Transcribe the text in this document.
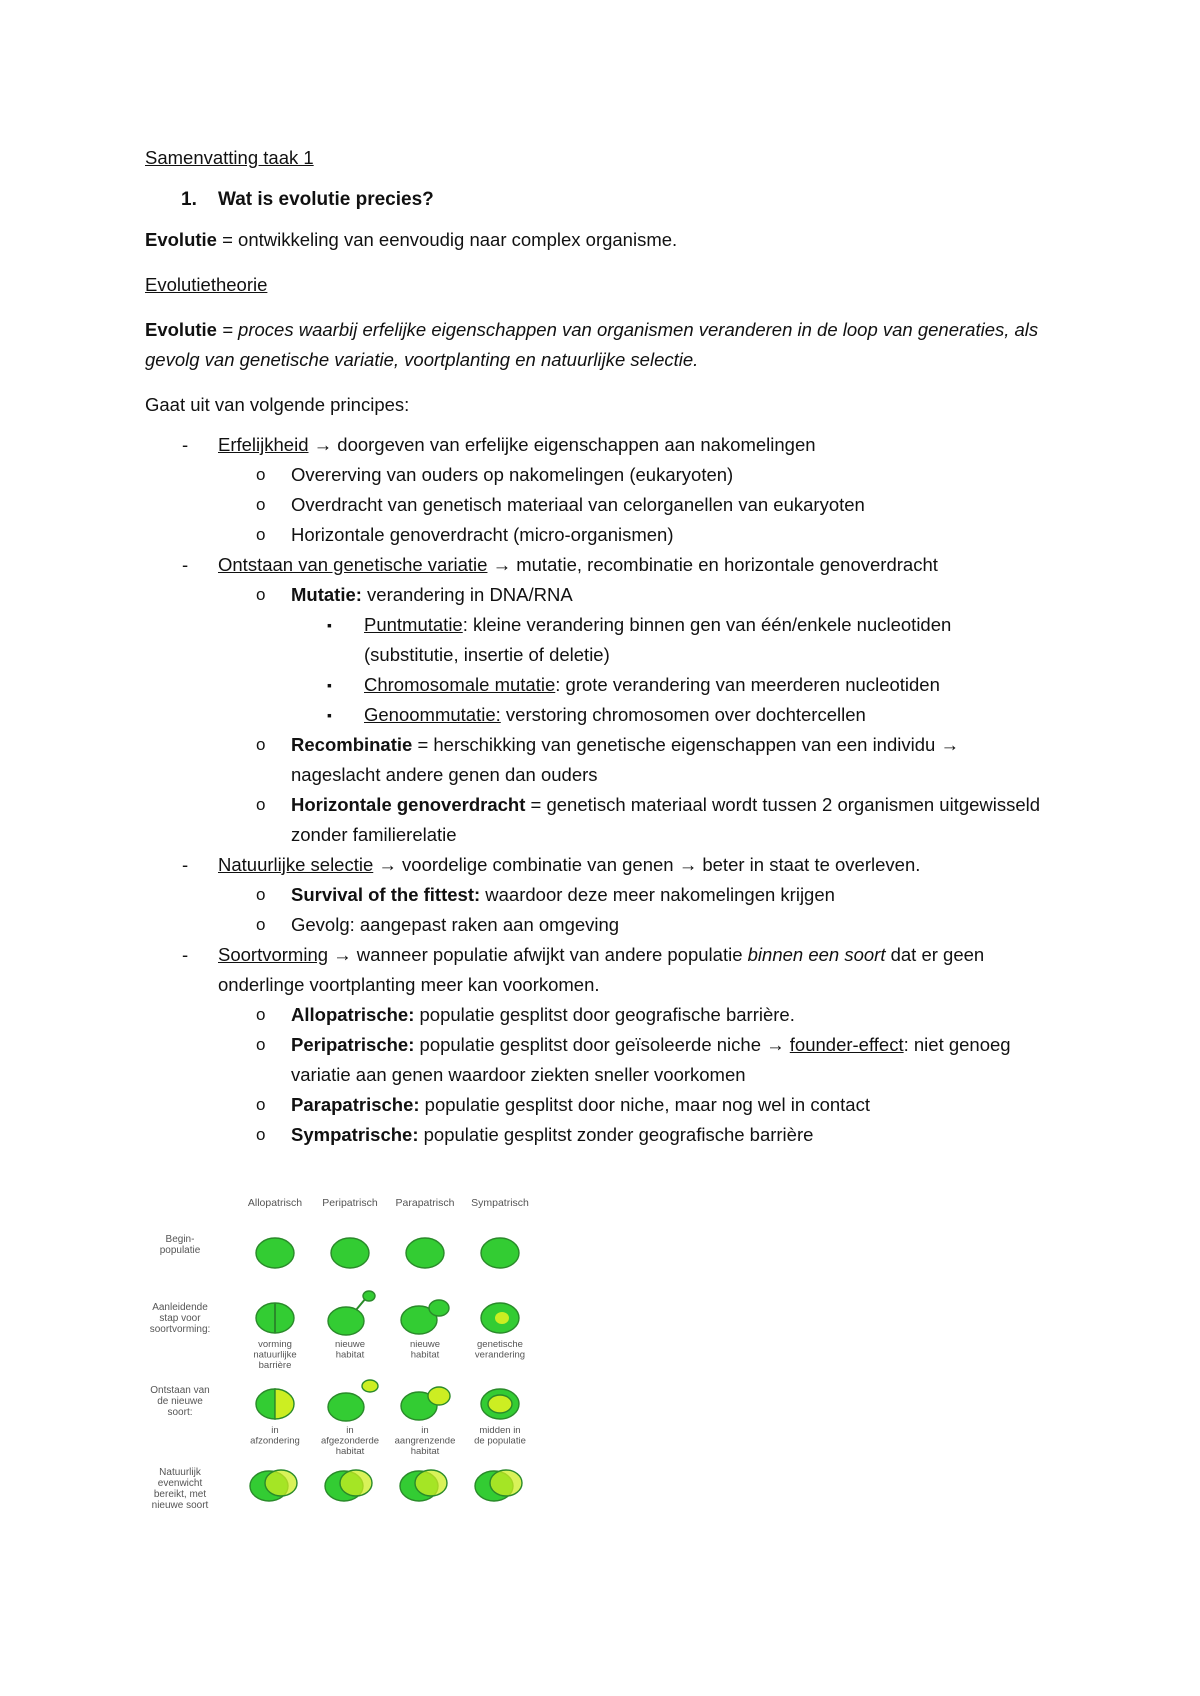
Samenvatting taak 1
1.	Wat is evolutie precies?

Evolutie = ontwikkeling van eenvoudig naar complex organisme.

Evolutietheorie

Evolutie = proces waarbij erfelijke eigenschappen van organismen veranderen in de loop van generaties, als gevolg van genetische variatie, voortplanting en natuurlijke selectie.

Gaat uit van volgende principes:

- Erfelijkheid → doorgeven van erfelijke eigenschappen aan nakomelingen
o Overerving van ouders op nakomelingen (eukaryoten)
o Overdracht van genetisch materiaal van celorganellen van eukaryoten
o Horizontale genoverdracht (micro-organismen)
- Ontstaan van genetische variatie → mutatie, recombinatie en horizontale genoverdracht
o Mutatie: verandering in DNA/RNA
▪ Puntmutatie: kleine verandering binnen gen van één/enkele nucleotiden (substitutie, insertie of deletie)
▪ Chromosomale mutatie: grote verandering van meerderen nucleotiden
▪ Genoommutatie: verstoring chromosomen over dochtercellen
o Recombinatie = herschikking van genetische eigenschappen van een individu → nageslacht andere genen dan ouders
o Horizontale genoverdracht = genetisch materiaal wordt tussen 2 organismen uitgewisseld zonder familierelatie
- Natuurlijke selectie → voordelige combinatie van genen → beter in staat te overleven.
o Survival of the fittest: waardoor deze meer nakomelingen krijgen
o Gevolg: aangepast raken aan omgeving
- Soortvorming → wanneer populatie afwijkt van andere populatie binnen een soort dat er geen onderlinge voortplanting meer kan voorkomen.
o Allopatrische: populatie gesplitst door geografische barrière.
o Peripatrische: populatie gesplitst door geïsoleerde niche → founder-effect: niet genoeg variatie aan genen waardoor ziekten sneller voorkomen
o Parapatrische: populatie gesplitst door niche, maar nog wel in contact
o Sympatrische: populatie gesplitst zonder geografische barrière
Allopatrisch Peripatrisch Parapatrisch Sympatrisch
Begin-
populatie
Aanleidende
stap voor
soortvorming:
Ontstaan van
de nieuwe
soort:
Natuurlijk
evenwicht
bereikt, met
nieuwe soort
vorming
natuurlijke
barrière
nieuwe
habitat
nieuwe
habitat
genetische
verandering
in
afzondering
in
afgezonderde
habitat
in
aangrenzende
habitat
midden in
de populatie
